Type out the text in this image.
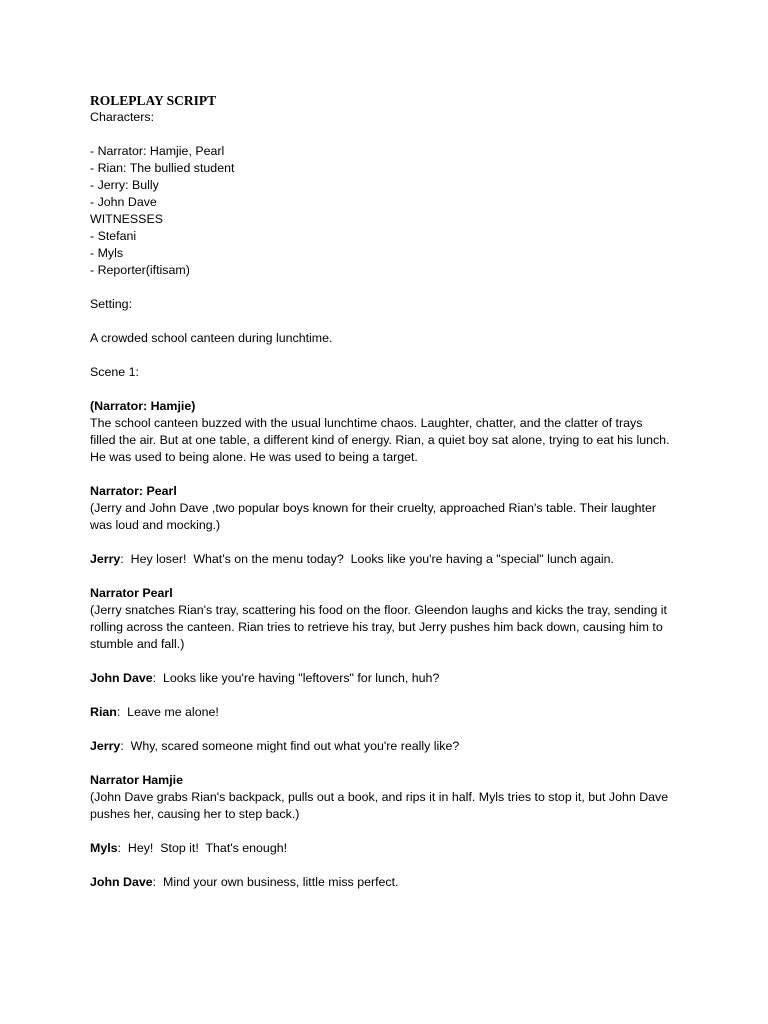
ROLEPLAY SCRIPT

Characters:

- Narrator: Hamjie, Pearl

- Rian: The bullied student

- Jerry: Bully

- John Dave

WITNESSES

- Stefani

- Myls

- Reporter(iftisam)

Setting:

A crowded school canteen during lunchtime.

Scene 1:

(Narrator: Hamjie)

The school canteen buzzed with the usual lunchtime chaos. Laughter, chatter, and the clatter of trays

filled the air. But at one table, a different kind of energy. Rian, a quiet boy sat alone, trying to eat his lunch.

He was used to being alone. He was used to being a target.

Narrator: Pearl

(Jerry and John Dave ,two popular boys known for their cruelty, approached Rian's table. Their laughter

was loud and mocking.)

Jerry:  Hey loser!  What's on the menu today?  Looks like you're having a "special" lunch again.

Narrator Pearl

(Jerry snatches Rian's tray, scattering his food on the floor. Gleendon laughs and kicks the tray, sending it

rolling across the canteen. Rian tries to retrieve his tray, but Jerry pushes him back down, causing him to

stumble and fall.)

John Dave:  Looks like you're having "leftovers" for lunch, huh?

Rian:  Leave me alone!

Jerry:  Why, scared someone might find out what you're really like?

Narrator Hamjie

(John Dave grabs Rian's backpack, pulls out a book, and rips it in half. Myls tries to stop it, but John Dave

pushes her, causing her to step back.)

Myls:  Hey!  Stop it!  That's enough!

John Dave:  Mind your own business, little miss perfect.
